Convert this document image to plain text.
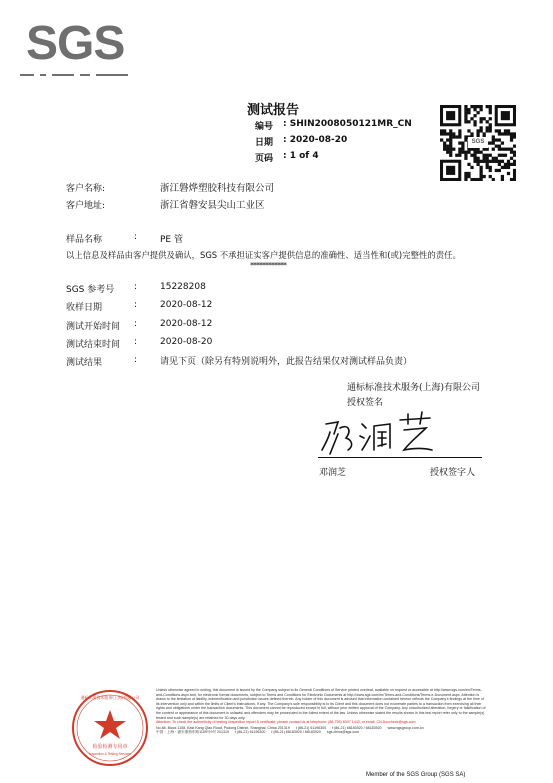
SGS
测试报告
编号 : SHIN2008050121MR_CN
日期 : 2020-08-20
页码 : 1 of 4
SGS
客户名称:	浙江磐烨塑胶科技有限公司
客户地址:	浙江省磐安县尖山工业区
样品名称	:	PE 管
以上信息及样品由客户提供及确认，SGS 不承担证实客户提供信息的准确性、适当性和(或)完整性的责任。
************
SGS 参考号 :	15228208
收样日期	:	2020-08-12
测试开始时间 :	2020-08-12
测试结束时间 :	2020-08-20
测试结果	:	请见下页（除另有特别说明外，此报告结果仅对测试样品负责）
通标标准技术服务(上海)有限公司
授权签名
邓润芝	授权签字人
检验检测专用章
Inspection & Testing Services
通标标准技术服务(上海)有限公司
Unless otherwise agreed in writing, this document is issued by the Company subject to its General Conditions of Service printed overleaf, available on request or accessible at http://www.sgs.com/en/Terms-and-Conditions.aspx and, for electronic format documents, subject to Terms and Conditions for Electronic Documents at http://www.sgs.com/en/Terms-and-Conditions/Terms-e-Document.aspx. Attention is drawn to the limitation of liability, indemnification and jurisdiction issues defined therein. Any holder of this document is advised that information contained hereon reflects the Company's findings at the time of its intervention only and within the limits of Client's instructions, if any. The Company's sole responsibility is to its Client and this document does not exonerate parties to a transaction from exercising all their rights and obligations under the transaction documents. This document cannot be reproduced except in full, without prior written approval of the Company. Any unauthorized alteration, forgery or falsification of the content or appearance of this document is unlawful and offenders may be prosecuted to the fullest extent of the law. Unless otherwise stated the results shown in this test report refer only to the sample(s) tested and such sample(s) are retained for 30 days only.
Attention: To check the authenticity of testing /inspection report & certificate, please contact us at telephone: (86-755) 8307 1443, or email: CN.Doccheck@sgs.com
No.88, Block 1108, East Kang Qiao Road, Pudong District, Shanghai, China 201319 t (86-21) 61196300 f (86-21) 68183920 / 68183920 www.sgsgroup.com.cn
中国・上海・浦东康桥东路1159号9号 201319 t (86-21) 61196300 f (86-21) 68183920 / 68183920 sgs.china@sgs.com
Member of the SGS Group (SGS SA)
